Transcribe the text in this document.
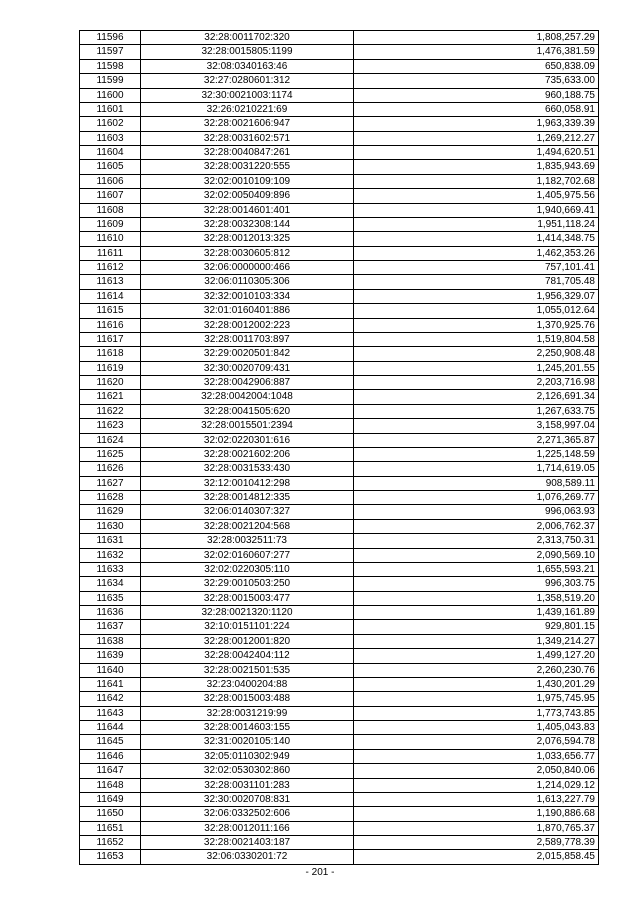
11596	32:28:0011702:320	1,808,257.29
11597	32:28:0015805:1199	1,476,381.59
11598	32:08:0340163:46	650,838.09
11599	32:27:0280601:312	735,633.00
11600	32:30:0021003:1174	960,188.75
11601	32:26:0210221:69	660,058.91
11602	32:28:0021606:947	1,963,339.39
11603	32:28:0031602:571	1,269,212.27
11604	32:28:0040847:261	1,494,620.51
11605	32:28:0031220:555	1,835,943.69
11606	32:02:0010109:109	1,182,702.68
11607	32:02:0050409:896	1,405,975.56
11608	32:28:0014601:401	1,940,669.41
11609	32:28:0032308:144	1,951,118.24
11610	32:28:0012013:325	1,414,348.75
11611	32:28:0030605:812	1,462,353.26
11612	32:06:0000000:466	757,101.41
11613	32:06:0110305:306	781,705.48
11614	32:32:0010103:334	1,956,329.07
11615	32:01:0160401:886	1,055,012.64
11616	32:28:0012002:223	1,370,925.76
11617	32:28:0011703:897	1,519,804.58
11618	32:29:0020501:842	2,250,908.48
11619	32:30:0020709:431	1,245,201.55
11620	32:28:0042906:887	2,203,716.98
11621	32:28:0042004:1048	2,126,691.34
11622	32:28:0041505:620	1,267,633.75
11623	32:28:0015501:2394	3,158,997.04
11624	32:02:0220301:616	2,271,365.87
11625	32:28:0021602:206	1,225,148.59
11626	32:28:0031533:430	1,714,619.05
11627	32:12:0010412:298	908,589.11
11628	32:28:0014812:335	1,076,269.77
11629	32:06:0140307:327	996,063.93
11630	32:28:0021204:568	2,006,762.37
11631	32:28:0032511:73	2,313,750.31
11632	32:02:0160607:277	2,090,569.10
11633	32:02:0220305:110	1,655,593.21
11634	32:29:0010503:250	996,303.75
11635	32:28:0015003:477	1,358,519.20
11636	32:28:0021320:1120	1,439,161.89
11637	32:10:0151101:224	929,801.15
11638	32:28:0012001:820	1,349,214.27
11639	32:28:0042404:112	1,499,127.20
11640	32:28:0021501:535	2,260,230.76
11641	32:23:0400204:88	1,430,201.29
11642	32:28:0015003:488	1,975,745.95
11643	32:28:0031219:99	1,773,743.85
11644	32:28:0014603:155	1,405,043.83
11645	32:31:0020105:140	2,076,594.78
11646	32:05:0110302:949	1,033,656.77
11647	32:02:0530302:860	2,050,840.06
11648	32:28:0031101:283	1,214,029.12
11649	32:30:0020708:831	1,613,227.79
11650	32:06:0332502:606	1,190,886.68
11651	32:28:0012011:166	1,870,765.37
11652	32:28:0021403:187	2,589,778.39
11653	32:06:0330201:72	2,015,858.45
- 201 -
